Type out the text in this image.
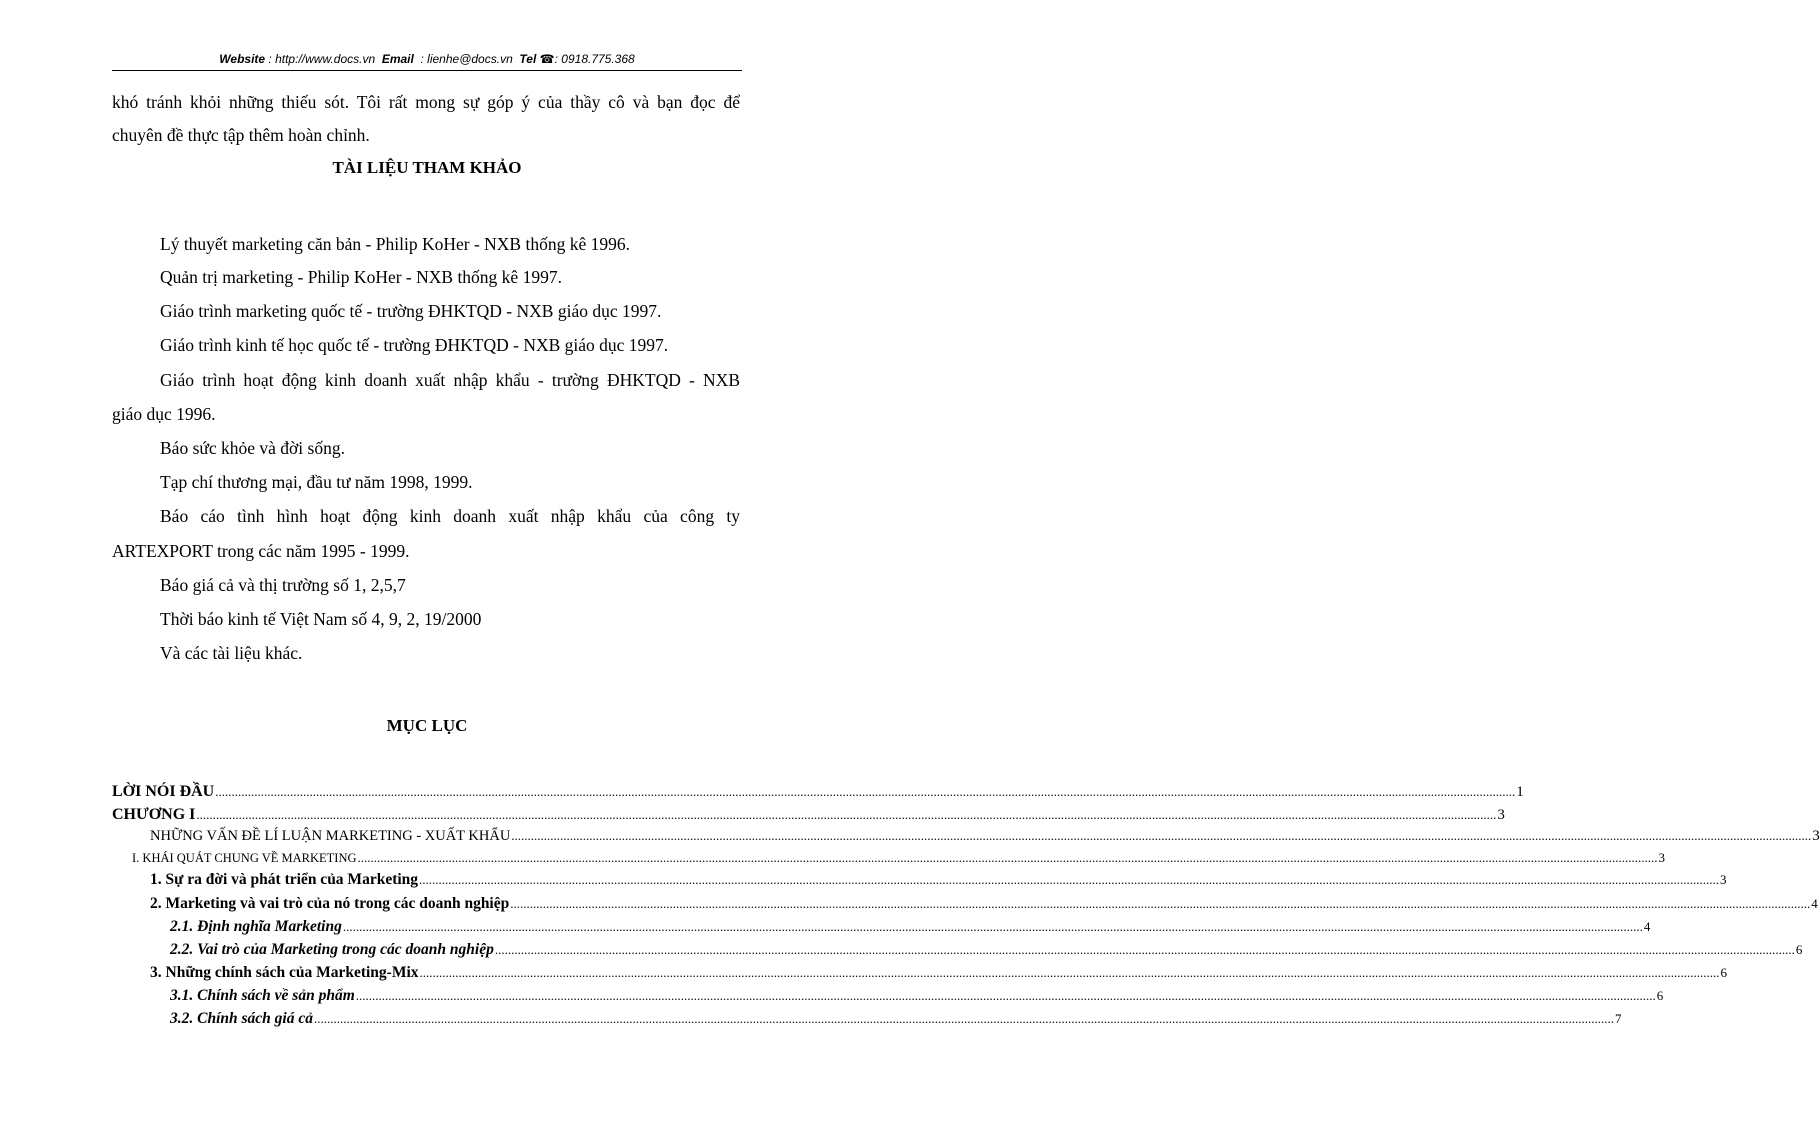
Website : http://www.docs.vn Email  : lienhe@docs.vn Tel ☎: 0918.775.368
khó tránh khỏi những thiếu sót. Tôi rất mong sự góp ý của thầy cô và bạn đọc để
chuyên đề thực tập thêm hoàn chỉnh.
TÀI LIỆU THAM KHẢO
Lý thuyết marketing căn bản - Philip KoHer - NXB thống kê 1996.
Quản trị marketing - Philip KoHer - NXB thống kê 1997.
Giáo trình marketing quốc tế - trường ĐHKTQD - NXB giáo dục 1997.
Giáo trình kinh tế học quốc tế - trường ĐHKTQD - NXB giáo dục 1997.
Giáo trình hoạt động kinh doanh xuất nhập khẩu - trường ĐHKTQD - NXB
giáo dục 1996.
Báo sức khỏe và đời sống.
Tạp chí thương mại, đầu tư năm 1998, 1999.
Báo cáo tình hình hoạt động kinh doanh xuất nhập khẩu của công ty
ARTEXPORT trong các năm 1995 - 1999.
Báo giá cả và thị trường số 1, 2,5,7
Thời báo kinh tế Việt Nam số 4, 9, 2, 19/2000
Và các tài liệu khác.
MỤC LỤC
LỜI NÓI ĐẦU ................................................................................................................................................................................................................................................................................................................................................................................................................ 1
CHƯƠNG I ................................................................................................................................................................................................................................................................................................................................................................................................................ 3
NHỮNG VẤN ĐỀ LÍ LUẬN MARKETING - XUẤT KHẨU ................................................................................................................................................................................................................................................................................................................................................................................................................ 3
I. KHÁI QUÁT CHUNG VỀ MARKETING ................................................................................................................................................................................................................................................................................................................................................................................................................ 3
1. Sự ra đời và phát triển của Marketing ................................................................................................................................................................................................................................................................................................................................................................................................................ 3
2. Marketing và vai trò của nó trong các doanh nghiệp ................................................................................................................................................................................................................................................................................................................................................................................................................ 4
2.1. Định nghĩa Marketing ................................................................................................................................................................................................................................................................................................................................................................................................................ 4
2.2. Vai trò của Marketing trong các doanh nghiệp ................................................................................................................................................................................................................................................................................................................................................................................................................ 6
3. Những chính sách của Marketing-Mix ................................................................................................................................................................................................................................................................................................................................................................................................................ 6
3.1. Chính sách về sản phẩm ................................................................................................................................................................................................................................................................................................................................................................................................................ 6
3.2. Chính sách giá cả ................................................................................................................................................................................................................................................................................................................................................................................................................ 7
